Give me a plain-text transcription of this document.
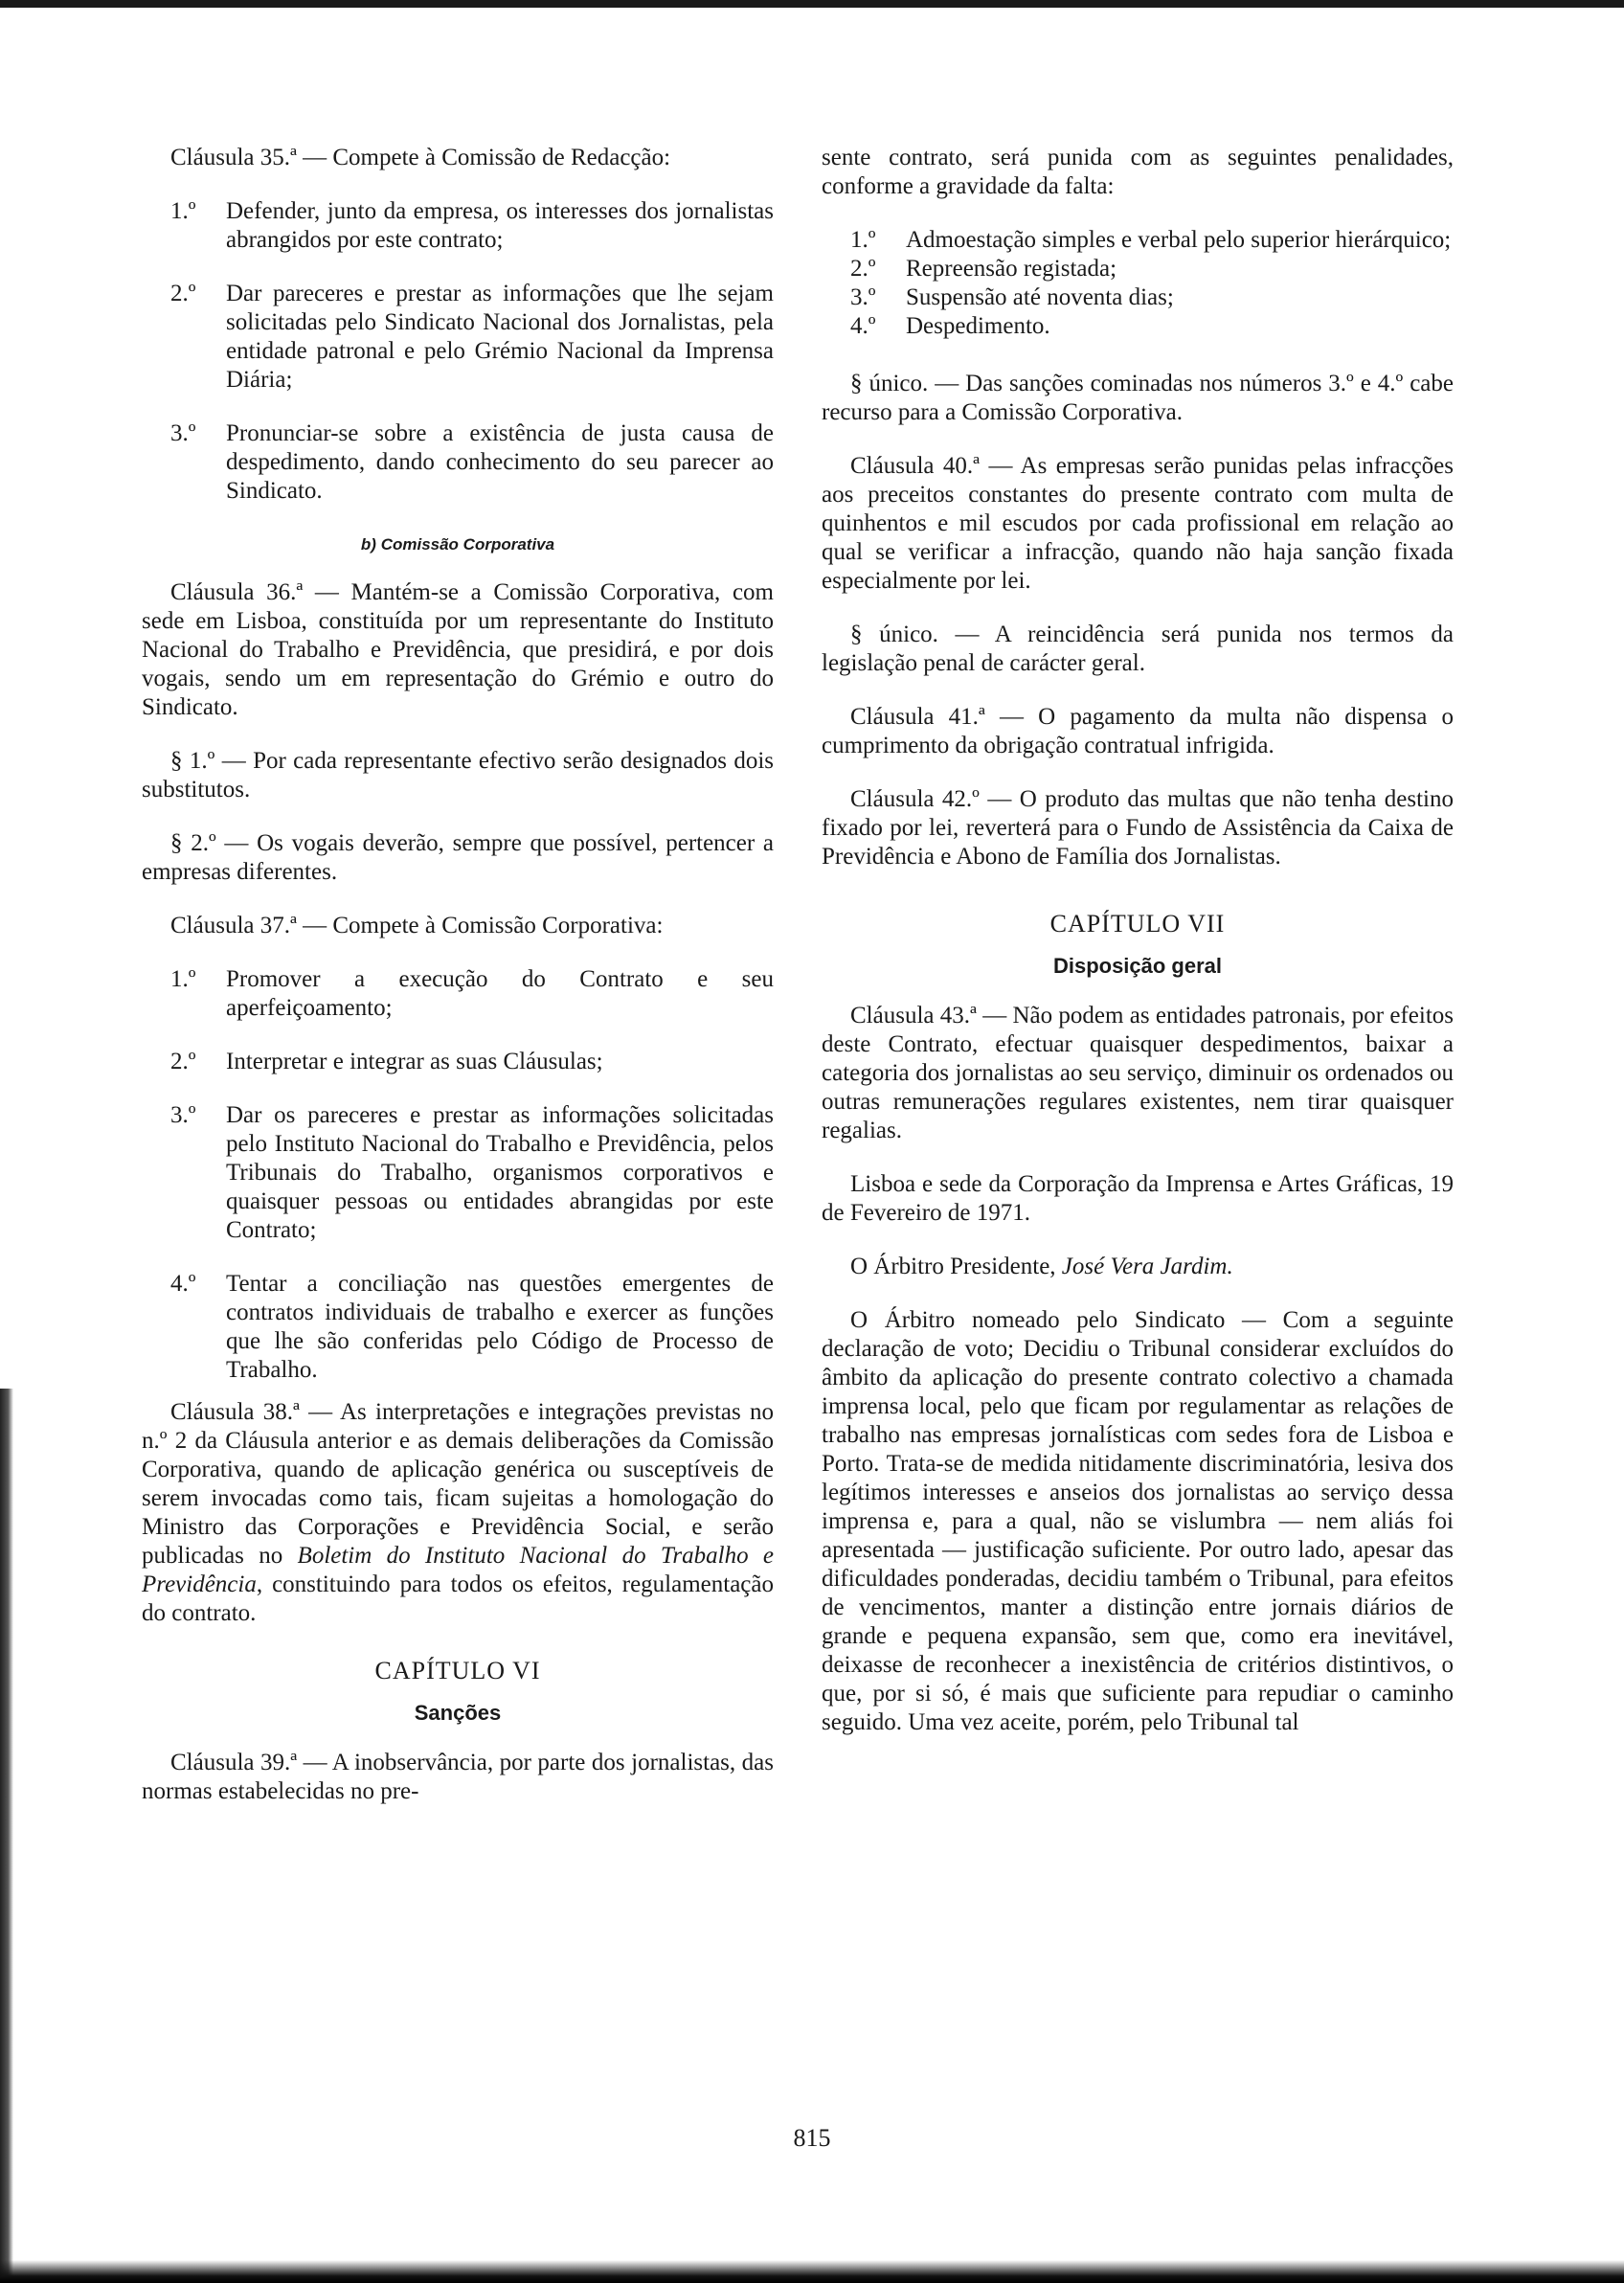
Cláusula 35.ª — Compete à Comissão de Redacção:

1.º Defender, junto da empresa, os interesses dos jornalistas abrangidos por este contrato;
2.º Dar pareceres e prestar as informações que lhe sejam solicitadas pelo Sindicato Nacional dos Jornalistas, pela entidade patronal e pelo Grémio Nacional da Imprensa Diária;
3.º Pronunciar-se sobre a existência de justa causa de despedimento, dando conhecimento do seu parecer ao Sindicato.
b) Comissão Corporativa

Cláusula 36.ª — Mantém-se a Comissão Corporativa, com sede em Lisboa, constituída por um representante do Instituto Nacional do Trabalho e Previdência, que presidirá, e por dois vogais, sendo um em representação do Grémio e outro do Sindicato.

§ 1.º — Por cada representante efectivo serão designados dois substitutos.

§ 2.º — Os vogais deverão, sempre que possível, pertencer a empresas diferentes.

Cláusula 37.ª — Compete à Comissão Corporativa:

1.º Promover a execução do Contrato e seu aperfeiçoamento;
2.º Interpretar e integrar as suas Cláusulas;
3.º Dar os pareceres e prestar as informações solicitadas pelo Instituto Nacional do Trabalho e Previdência, pelos Tribunais do Trabalho, organismos corporativos e quaisquer pessoas ou entidades abrangidas por este Contrato;
4.º Tentar a conciliação nas questões emergentes de contratos individuais de trabalho e exercer as funções que lhe são conferidas pelo Código de Processo de Trabalho.

Cláusula 38.ª — As interpretações e integrações previstas no n.º 2 da Cláusula anterior e as demais deliberações da Comissão Corporativa, quando de aplicação genérica ou susceptíveis de serem invocadas como tais, ficam sujeitas a homologação do Ministro das Corporações e Previdência Social, e serão publicadas no Boletim do Instituto Nacional do Trabalho e Previdência, constituindo para todos os efeitos, regulamentação do contrato.

CAPÍTULO VI
Sanções

Cláusula 39.ª — A inobservância, por parte dos jornalistas, das normas estabelecidas no pre-

sente contrato, será punida com as seguintes penalidades, conforme a gravidade da falta:

1.º Admoestação simples e verbal pelo superior hierárquico;
2.º Repreensão registada;
3.º Suspensão até noventa dias;
4.º Despedimento.

§ único. — Das sanções cominadas nos números 3.º e 4.º cabe recurso para a Comissão Corporativa.

Cláusula 40.ª — As empresas serão punidas pelas infracções aos preceitos constantes do presente contrato com multa de quinhentos e mil escudos por cada profissional em relação ao qual se verificar a infracção, quando não haja sanção fixada especialmente por lei.

§ único. — A reincidência será punida nos termos da legislação penal de carácter geral.

Cláusula 41.ª — O pagamento da multa não dispensa o cumprimento da obrigação contratual infrigida.

Cláusula 42.º — O produto das multas que não tenha destino fixado por lei, reverterá para o Fundo de Assistência da Caixa de Previdência e Abono de Família dos Jornalistas.

CAPÍTULO VII
Disposição geral

Cláusula 43.ª — Não podem as entidades patronais, por efeitos deste Contrato, efectuar quaisquer despedimentos, baixar a categoria dos jornalistas ao seu serviço, diminuir os ordenados ou outras remunerações regulares existentes, nem tirar quaisquer regalias.

Lisboa e sede da Corporação da Imprensa e Artes Gráficas, 19 de Fevereiro de 1971.

O Árbitro Presidente, José Vera Jardim.

O Árbitro nomeado pelo Sindicato — Com a seguinte declaração de voto; Decidiu o Tribunal considerar excluídos do âmbito da aplicação do presente contrato colectivo a chamada imprensa local, pelo que ficam por regulamentar as relações de trabalho nas empresas jornalísticas com sedes fora de Lisboa e Porto. Trata-se de medida nitidamente discriminatória, lesiva dos legítimos interesses e anseios dos jornalistas ao serviço dessa imprensa e, para a qual, não se vislumbra — nem aliás foi apresentada — justificação suficiente. Por outro lado, apesar das dificuldades ponderadas, decidiu também o Tribunal, para efeitos de vencimentos, manter a distinção entre jornais diários de grande e pequena expansão, sem que, como era inevitável, deixasse de reconhecer a inexistência de critérios distintivos, o que, por si só, é mais que suficiente para repudiar o caminho seguido. Uma vez aceite, porém, pelo Tribunal tal

815
